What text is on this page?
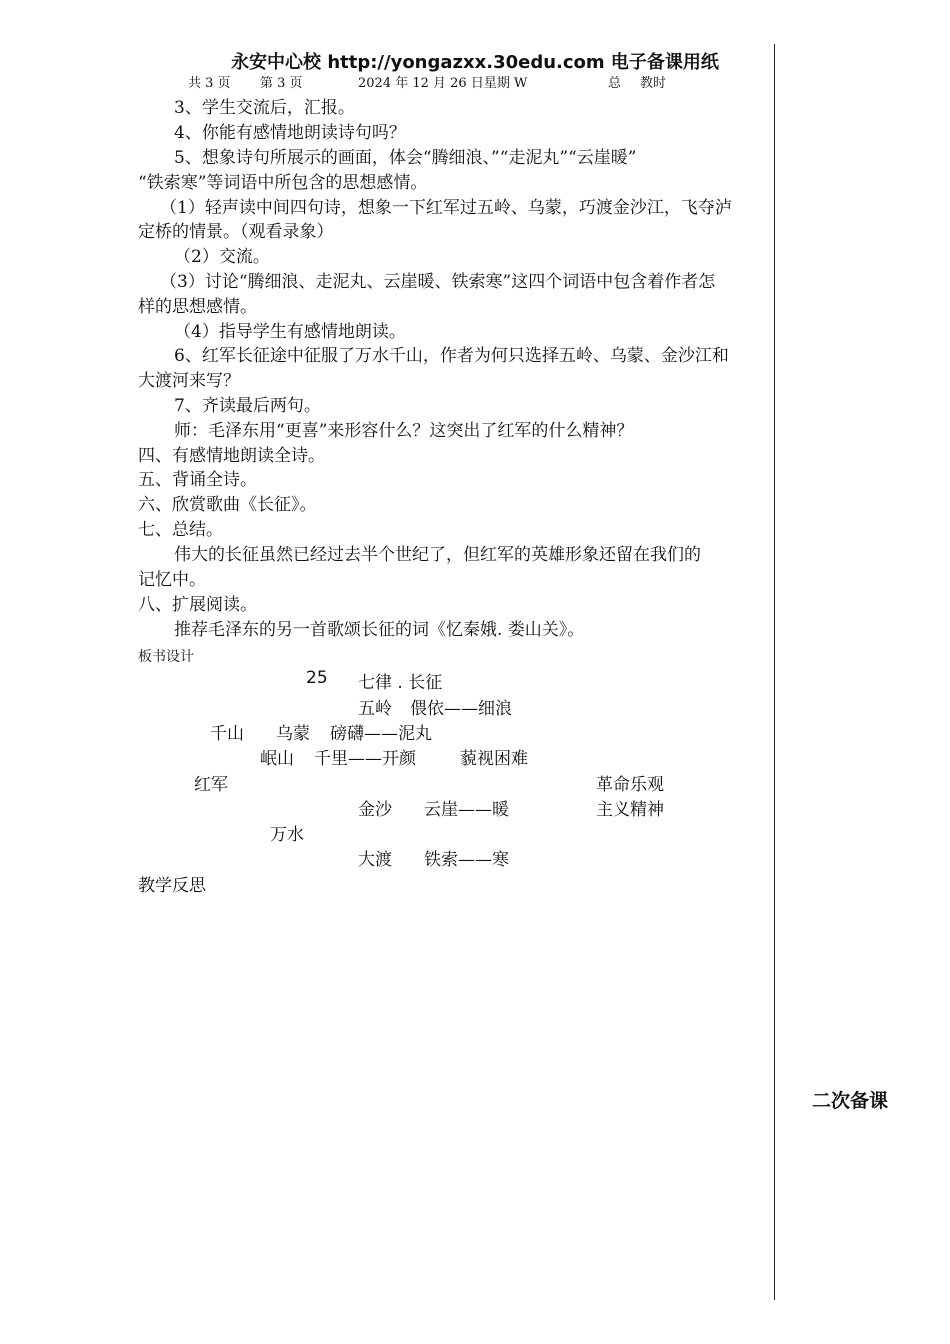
永安中心校 http://yongazxx.30edu.com 电子备课用纸
共 3 页 第 3 页	2024 年 12 月 26 日星期 W	总 教时
3、学生交流后，汇报。
4、你能有感情地朗读诗句吗？
5、想象诗句所展示的画面，体会“腾细浪、”“走泥丸”“云崖暖”
“铁索寒”等词语中所包含的思想感情。
（1）轻声读中间四句诗，想象一下红军过五岭、乌蒙，巧渡金沙江，飞夺泸
定桥的情景。（观看录象）
（2）交流。
（3）讨论“腾细浪、走泥丸、云崖暖、铁索寒”这四个词语中包含着作者怎
样的思想感情。
（4）指导学生有感情地朗读。
6、红军长征途中征服了万水千山，作者为何只选择五岭、乌蒙、金沙江和
大渡河来写？
7、齐读最后两句。
师：毛泽东用“更喜”来形容什么？这突出了红军的什么精神？
四、有感情地朗读全诗。
五、背诵全诗。
六、欣赏歌曲《长征》。
七、总结。
伟大的长征虽然已经过去半个世纪了，但红军的英雄形象还留在我们的
记忆中。
八、扩展阅读。
推荐毛泽东的另一首歌颂长征的词《忆秦娥. 娄山关》。
板书设计
25 七律 . 长征
五岭 偎依——细浪
千山 乌蒙 磅礴——泥丸
岷山 千里——开颜	藐视困难
红军	革命乐观
金沙 云崖——暖	主义精神
万水
大渡 铁索——寒
教学反思
二次备课
